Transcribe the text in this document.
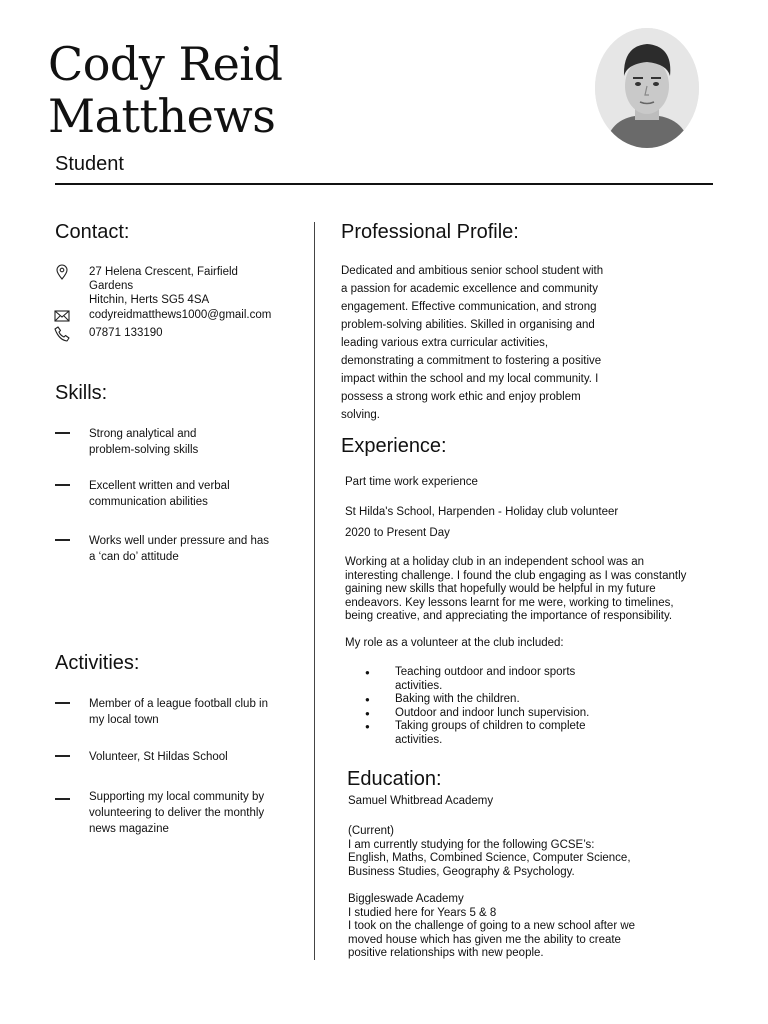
Cody Reid
Matthews
Student
Contact:
27 Helena Crescent, Fairfield
Gardens
Hitchin, Herts SG5 4SA
codyreidmatthews1000@gmail.com
07871 133190
Skills:
Strong analytical and
problem-solving skills
Excellent written and verbal
communication abilities
Works well under pressure and has
a ‘can do’ attitude
Activities:
Member of a league football club in
my local town
Volunteer, St Hildas School
Supporting my local community by
volunteering to deliver the monthly
news magazine
Professional Profile:
Dedicated and ambitious senior school student with
a passion for academic excellence and community
engagement. Effective communication, and strong
problem-solving abilities. Skilled in organising and
leading various extra curricular activities,
demonstrating a commitment to fostering a positive
impact within the school and my local community. I
possess a strong work ethic and enjoy problem
solving.
Experience:
Part time work experience
St Hilda's School, Harpenden - Holiday club volunteer
2020 to Present Day
Working at a holiday club in an independent school was an
interesting challenge. I found the club engaging as I was constantly
gaining new skills that hopefully would be helpful in my future
endeavors. Key lessons learnt for me were, working to timelines,
being creative, and appreciating the importance of responsibility.
My role as a volunteer at the club included:
● Teaching outdoor and indoor sports
activities.
● Baking with the children.
● Outdoor and indoor lunch supervision.
● Taking groups of children to complete
activities.
Education:
Samuel Whitbread Academy
(Current)
I am currently studying for the following GCSE’s:
English, Maths, Combined Science, Computer Science,
Business Studies, Geography & Psychology.
Biggleswade Academy
I studied here for Years 5 & 8
I took on the challenge of going to a new school after we
moved house which has given me the ability to create
positive relationships with new people.
